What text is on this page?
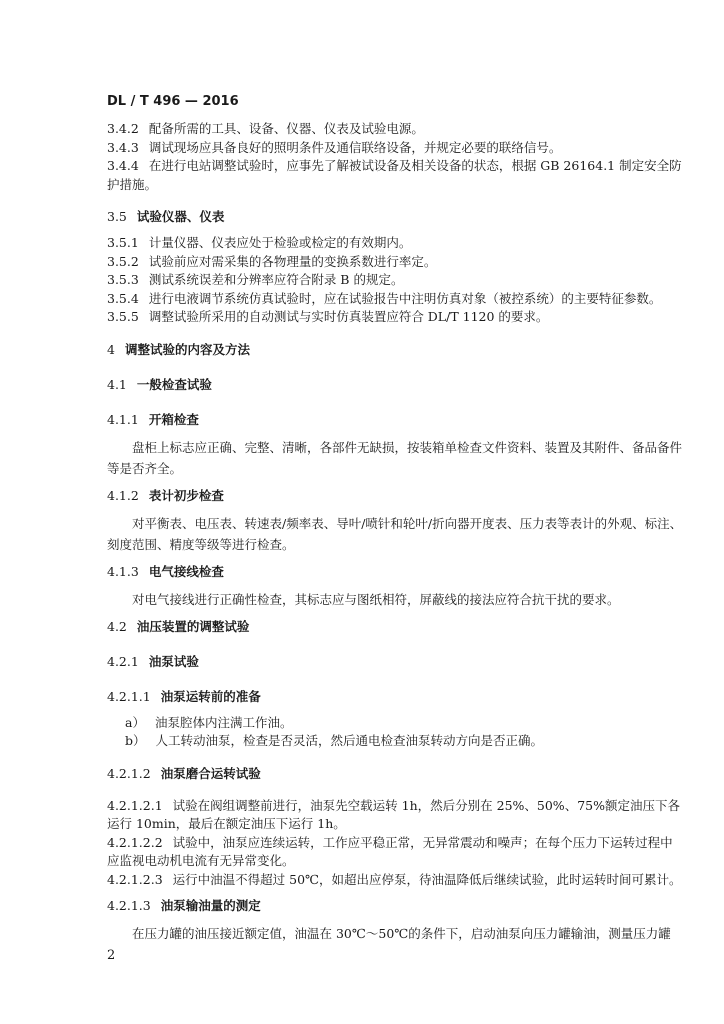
DL / T 496 — 2016
3.4.2 配备所需的工具、设备、仪器、仪表及试验电源。
3.4.3 调试现场应具备良好的照明条件及通信联络设备，并规定必要的联络信号。
3.4.4 在进行电站调整试验时，应事先了解被试设备及相关设备的状态，根据 GB 26164.1 制定安全防护措施。
3.5 试验仪器、仪表
3.5.1 计量仪器、仪表应处于检验或检定的有效期内。
3.5.2 试验前应对需采集的各物理量的变换系数进行率定。
3.5.3 测试系统误差和分辨率应符合附录 B 的规定。
3.5.4 进行电液调节系统仿真试验时，应在试验报告中注明仿真对象（被控系统）的主要特征参数。
3.5.5 调整试验所采用的自动测试与实时仿真装置应符合 DL/T 1120 的要求。
4 调整试验的内容及方法
4.1 一般检查试验
4.1.1 开箱检查
盘柜上标志应正确、完整、清晰，各部件无缺损，按装箱单检查文件资料、装置及其附件、备品备件等是否齐全。
4.1.2 表计初步检查
对平衡表、电压表、转速表/频率表、导叶/喷针和轮叶/折向器开度表、压力表等表计的外观、标注、刻度范围、精度等级等进行检查。
4.1.3 电气接线检查
对电气接线进行正确性检查，其标志应与图纸相符，屏蔽线的接法应符合抗干扰的要求。
4.2 油压装置的调整试验
4.2.1 油泵试验
4.2.1.1 油泵运转前的准备
a） 油泵腔体内注满工作油。
b） 人工转动油泵，检查是否灵活，然后通电检查油泵转动方向是否正确。
4.2.1.2 油泵磨合运转试验
4.2.1.2.1 试验在阀组调整前进行，油泵先空载运转 1h，然后分别在 25%、50%、75%额定油压下各运行 10min，最后在额定油压下运行 1h。
4.2.1.2.2 试验中，油泵应连续运转，工作应平稳正常，无异常震动和噪声；在每个压力下运转过程中应监视电动机电流有无异常变化。
4.2.1.2.3 运行中油温不得超过 50℃，如超出应停泵，待油温降低后继续试验，此时运转时间可累计。
4.2.1.3 油泵输油量的测定
在压力罐的油压接近额定值，油温在 30℃～50℃的条件下，启动油泵向压力罐输油，测量压力罐
2
